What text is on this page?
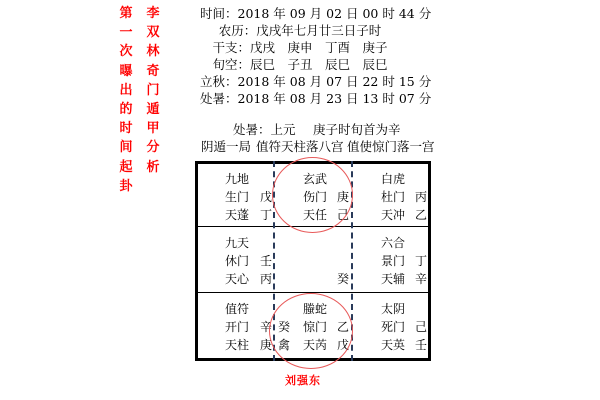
第
一
次
曝
出
的
时
间
起
卦
李
双
林
奇
门
遁
甲
分
析
时间：2018 年 09 月 02 日 00 时 44 分
农历：戊戌年七月廿三日子时
干支：戊戌　庚申　丁酉　庚子
旬空：辰巳　子丑　辰巳　辰巳
立秋：2018 年 08 月 07 日 22 时 15 分
处暑：2018 年 08 月 23 日 13 时 07 分
处暑：上元 庚子时旬首为辛
阴遁一局 值符天柱落八宫 值使惊门落一宫
九地
生门 戊
天蓬 丁
玄武
伤门 庚
天任 己
白虎
杜门 丙
天冲 乙
九天
休门 壬
天心 丙	癸
六合
景门 丁
天辅 辛
值符
开门 辛
天柱 庚
螣蛇
癸 惊门 乙
禽 天芮 戊
太阴
死门 己
天英 壬
刘强东
